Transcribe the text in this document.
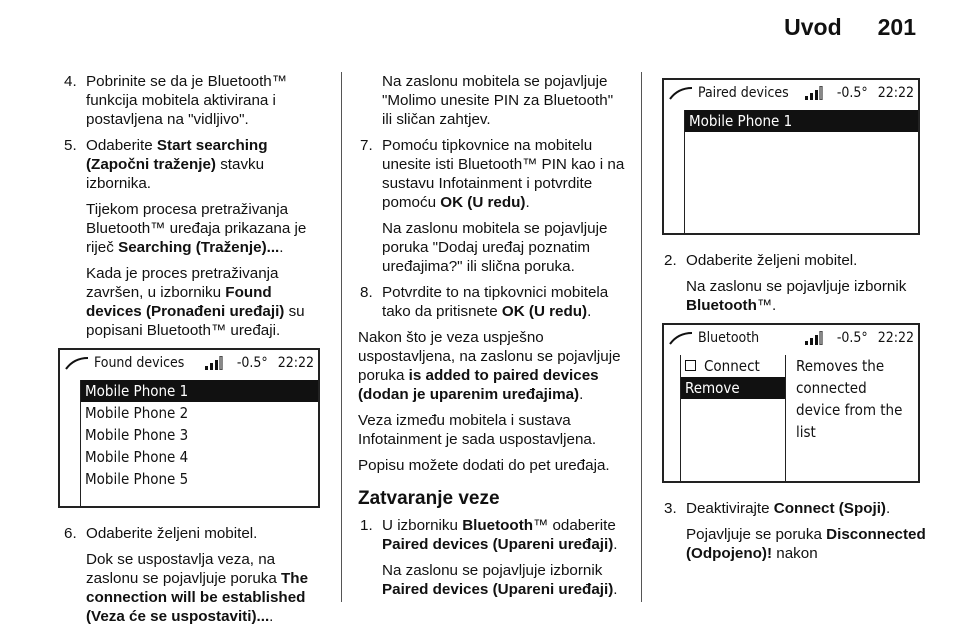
Uvod 201
4. Pobrinite se da je Bluetooth™ funkcija mobitela aktivirana i postavljena na "vidljivo".
5. Odaberite Start searching (Započni traženje) stavku izbornika.
Tijekom procesa pretraživanja Bluetooth™ uređaja prikazana je riječ Searching (Traženje)....
Kada je proces pretraživanja završen, u izborniku Found devices (Pronađeni uređaji) su popisani Bluetooth™ uređaji.
Found devices	-0.5° 22:22
Mobile Phone 1
Mobile Phone 2
Mobile Phone 3
Mobile Phone 4
Mobile Phone 5
6. Odaberite željeni mobitel.
Dok se uspostavlja veza, na zaslonu se pojavljuje poruka The connection will be established (Veza će se uspostaviti)....
Na zaslonu mobitela se pojavljuje "Molimo unesite PIN za Bluetooth" ili sličan zahtjev.
7. Pomoću tipkovnice na mobitelu unesite isti Bluetooth™ PIN kao i na sustavu Infotainment i potvrdite pomoću OK (U redu).
Na zaslonu mobitela se pojavljuje poruka "Dodaj uređaj poznatim uređajima?" ili slična poruka.
8. Potvrdite to na tipkovnici mobitela tako da pritisnete OK (U redu).
Nakon što je veza uspješno uspostavljena, na zaslonu se pojavljuje poruka is added to paired devices (dodan je uparenim uređajima).
Veza između mobitela i sustava Infotainment je sada uspostavljena.
Popisu možete dodati do pet uređaja.
Zatvaranje veze
1. U izborniku Bluetooth™ odaberite Paired devices (Upareni uređaji).
Na zaslonu se pojavljuje izbornik Paired devices (Upareni uređaji).
Paired devices	-0.5° 22:22
Mobile Phone 1
2. Odaberite željeni mobitel.
Na zaslonu se pojavljuje izbornik Bluetooth™.
Bluetooth	-0.5° 22:22
Connect
Remove
Removes the connected device from the list
3. Deaktivirajte Connect (Spoji).
Pojavljuje se poruka Disconnected (Odpojeno)! nakon
